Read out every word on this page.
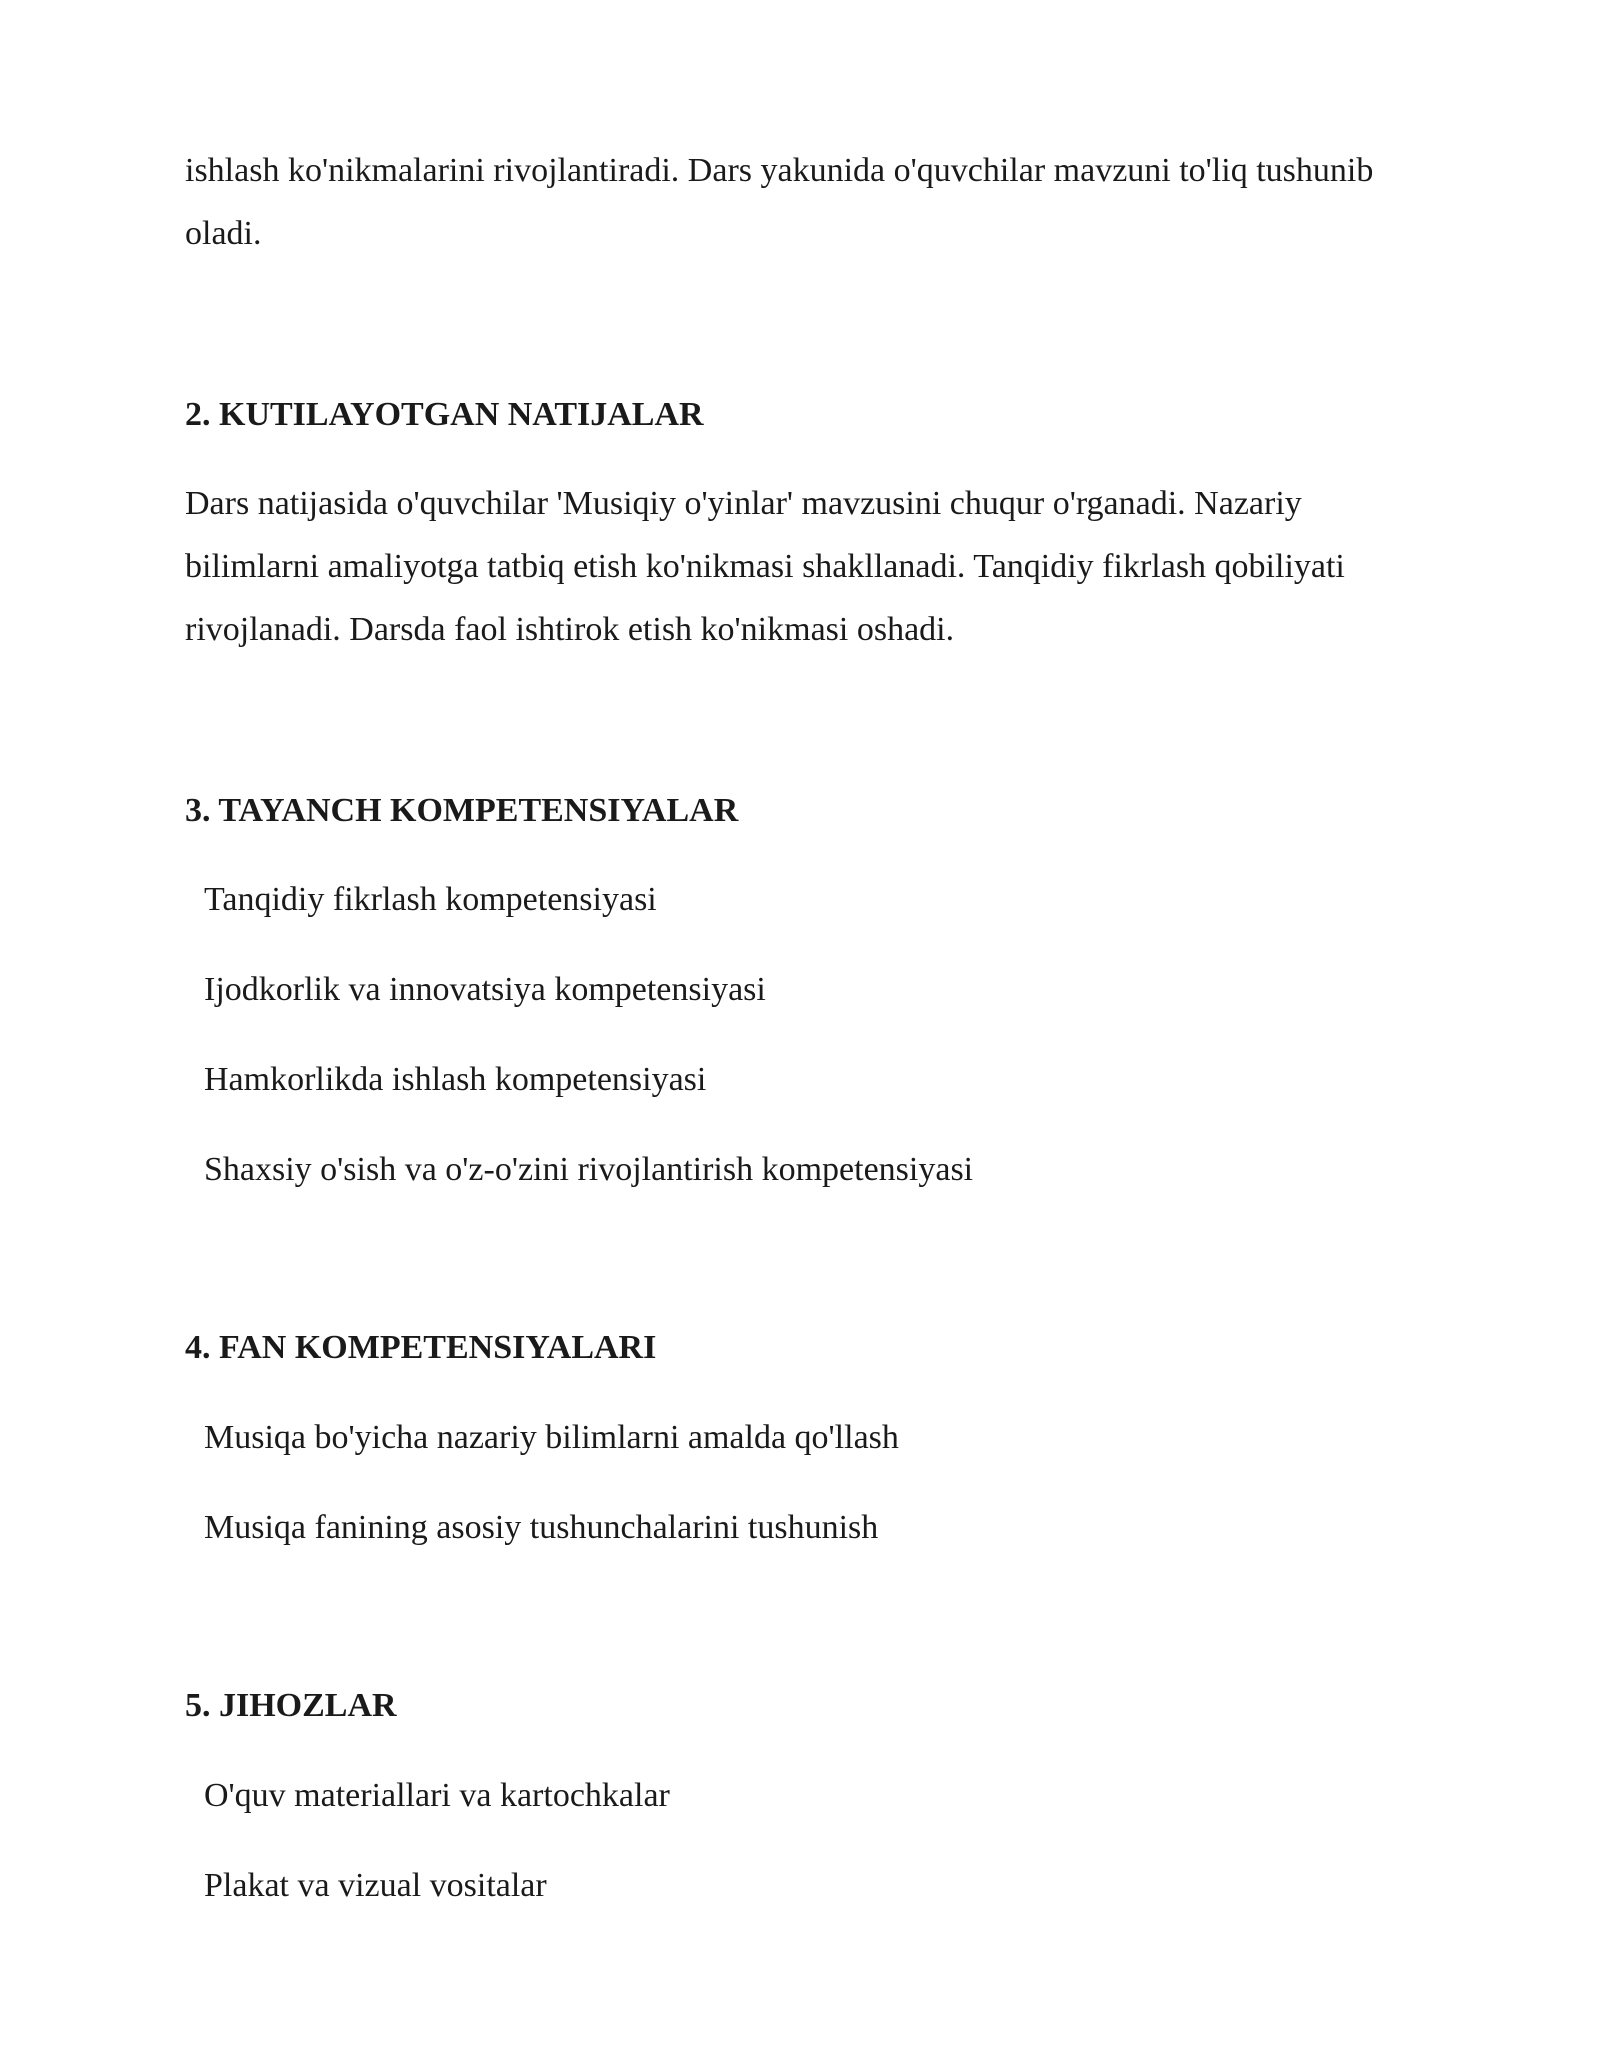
ishlash ko'nikmalarini rivojlantiradi. Dars yakunida o'quvchilar mavzuni to'liq tushunib oladi.

2. KUTILAYOTGAN NATIJALAR

Dars natijasida o'quvchilar 'Musiqiy o'yinlar' mavzusini chuqur o'rganadi. Nazariy bilimlarni amaliyotga tatbiq etish ko'nikmasi shakllanadi. Tanqidiy fikrlash qobiliyati rivojlanadi. Darsda faol ishtirok etish ko'nikmasi oshadi.

3. TAYANCH KOMPETENSIYALAR

Tanqidiy fikrlash kompetensiyasi

Ijodkorlik va innovatsiya kompetensiyasi

Hamkorlikda ishlash kompetensiyasi

Shaxsiy o'sish va o'z-o'zini rivojlantirish kompetensiyasi

4. FAN KOMPETENSIYALARI

Musiqa bo'yicha nazariy bilimlarni amalda qo'llash

Musiqa fanining asosiy tushunchalarini tushunish

5. JIHOZLAR

O'quv materiallari va kartochkalar

Plakat va vizual vositalar
